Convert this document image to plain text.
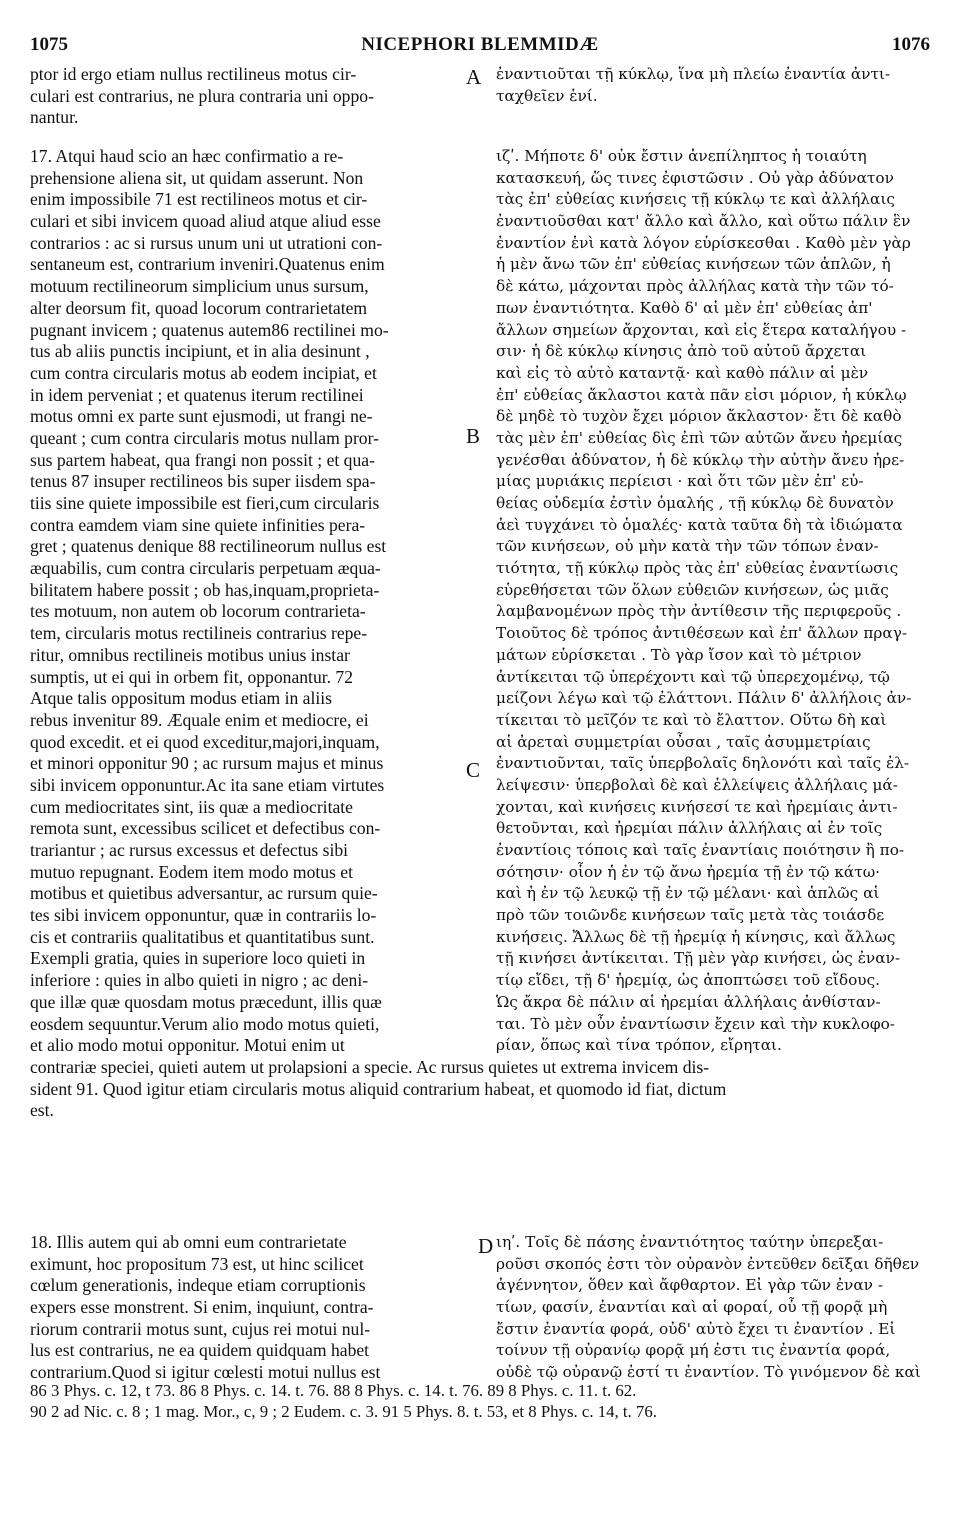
1075	NICEPHORI BLEMMIDÆ	1076
A
B
C
D
ptor id ergo etiam nullus rectilineus motus cir-
culari est contrarius, ne plura contraria uni oppo-
nantur.
ἐναντιοῦται τῇ κύκλῳ, ἵνα μὴ πλείω ἐναντία ἀντι-
ταχθεῖεν ἑνί.
17. Atqui haud scio an hæc confirmatio a re-
prehensione aliena sit, ut quidam asserunt. Non
enim impossibile 71 est rectilineos motus et cir-
culari et sibi invicem quoad aliud atque aliud esse
contrarios : ac si rursus unum uni ut utrationi con-
sentaneum est, contrarium inveniri.Quatenus enim
motuum rectilineorum simplicium unus sursum,
alter deorsum fit, quoad locorum contrarietatem
pugnant invicem ; quatenus autem86 rectilinei mo-
tus ab aliis punctis incipiunt, et in alia desinunt ,
cum contra circularis motus ab eodem incipiat, et
in idem perveniat ; et quatenus iterum rectilinei
motus omni ex parte sunt ejusmodi, ut frangi ne-
queant ; cum contra circularis motus nullam pror-
sus partem habeat, qua frangi non possit ; et qua-
tenus 87 insuper rectilineos bis super iisdem spa-
tiis sine quiete impossibile est fieri,cum circularis
contra eamdem viam sine quiete infinities pera-
gret ; quatenus denique 88 rectilineorum nullus est
æquabilis, cum contra circularis perpetuam æqua-
bilitatem habere possit ; ob has,inquam,proprieta-
tes motuum, non autem ob locorum contrarieta-
tem, circularis motus rectilineis contrarius repe-
ritur, omnibus rectilineis motibus unius instar
sumptis, ut ei qui in orbem fit, opponantur. 72
Atque talis oppositum modus etiam in aliis
rebus invenitur 89. Æquale enim et mediocre, ei
quod excedit. et ei quod exceditur,majori,inquam,
et minori opponitur 90 ; ac rursum majus et minus
sibi invicem opponuntur.Ac ita sane etiam virtutes
cum mediocritates sint, iis quæ a mediocritate
remota sunt, excessibus scilicet et defectibus con-
trariantur ; ac rursus excessus et defectus sibi
mutuo repugnant. Eodem item modo motus et
motibus et quietibus adversantur, ac rursum quie-
tes sibi invicem opponuntur, quæ in contrariis lo-
cis et contrariis qualitatibus et quantitatibus sunt.
Exempli gratia, quies in superiore loco quieti in
inferiore : quies in albo quieti in nigro ; ac deni-
que illæ quæ quosdam motus præcedunt, illis quæ
eosdem sequuntur.Verum alio modo motus quieti,
et alio modo motui opponitur. Motui enim ut
ιζʹ. Μήποτε δ' οὐκ ἔστιν ἀνεπίληπτος ἡ τοιαύτη
κατασκευή, ὥς τινες ἐφιστῶσιν . Οὐ γὰρ ἀδύνατον
τὰς ἐπ' εὐθείας κινήσεις τῇ κύκλῳ τε καὶ ἀλλήλαις
ἐναντιοῦσθαι κατ' ἄλλο καὶ ἄλλο, καὶ οὕτω πάλιν ἓν
ἐναντίον ἑνὶ κατὰ λόγον εὑρίσκεσθαι . Καθὸ μὲν γὰρ
ἡ μὲν ἄνω τῶν ἐπ' εὐθείας κινήσεων τῶν ἁπλῶν, ἡ
δὲ κάτω, μάχονται πρὸς ἀλλήλας κατὰ τὴν τῶν τό-
πων ἐναντιότητα. Καθὸ δ' αἱ μὲν ἐπ' εὐθείας ἀπ'
ἄλλων σημείων ἄρχονται, καὶ εἰς ἕτερα καταλήγου -
σιν· ἡ δὲ κύκλῳ κίνησις ἀπὸ τοῦ αὐτοῦ ἄρχεται
καὶ εἰς τὸ αὐτὸ καταντᾷ· καὶ καθὸ πάλιν αἱ μὲν
ἐπ' εὐθείας ἄκλαστοι κατὰ πᾶν εἰσι μόριον, ἡ κύκλῳ
δὲ μηδὲ τὸ τυχὸν ἔχει μόριον ἄκλαστον· ἔτι δὲ καθὸ
τὰς μὲν ἐπ' εὐθείας δὶς ἐπὶ τῶν αὐτῶν ἄνευ ἠρεμίας
γενέσθαι ἀδύνατον, ἡ δὲ κύκλῳ τὴν αὐτὴν ἄνευ ἠρε-
μίας μυριάκις περίεισι · καὶ ὅτι τῶν μὲν ἐπ' εὐ-
θείας οὐδεμία ἐστὶν ὁμαλής , τῇ κύκλῳ δὲ δυνατὸν
ἀεὶ τυγχάνει τὸ ὁμαλές· κατὰ ταῦτα δὴ τὰ ἰδιώματα
τῶν κινήσεων, οὐ μὴν κατὰ τὴν τῶν τόπων ἐναν-
τιότητα, τῇ κύκλῳ πρὸς τὰς ἐπ' εὐθείας ἐναντίωσις
εὑρεθήσεται τῶν ὅλων εὐθειῶν κινήσεων, ὡς μιᾶς
λαμβανομένων πρὸς τὴν ἀντίθεσιν τῆς περιφεροῦς .
Τοιοῦτος δὲ τρόπος ἀντιθέσεων καὶ ἐπ' ἄλλων πραγ-
μάτων εὑρίσκεται . Τὸ γὰρ ἴσον καὶ τὸ μέτριον
ἀντίκειται τῷ ὑπερέχοντι καὶ τῷ ὑπερεχομένῳ, τῷ
μείζονι λέγω καὶ τῷ ἐλάττονι. Πάλιν δ' ἀλλήλοις ἀν-
τίκειται τὸ μεῖζόν τε καὶ τὸ ἔλαττον. Οὕτω δὴ καὶ
αἱ ἀρεταὶ συμμετρίαι οὖσαι , ταῖς ἀσυμμετρίαις
ἐναντιοῦνται, ταῖς ὑπερβολαῖς δηλονότι καὶ ταῖς ἐλ-
λείψεσιν· ὑπερβολαὶ δὲ καὶ ἐλλείψεις ἀλλήλαις μά-
χονται, καὶ κινήσεις κινήσεσί τε καὶ ἠρεμίαις ἀντι-
θετοῦνται, καὶ ἠρεμίαι πάλιν ἀλλήλαις αἱ ἐν τοῖς
ἐναντίοις τόποις καὶ ταῖς ἐναντίαις ποιότησιν ἢ πο-
σότησιν· οἷον ἡ ἐν τῷ ἄνω ἠρεμία τῇ ἐν τῷ κάτω·
καὶ ἡ ἐν τῷ λευκῷ τῇ ἐν τῷ μέλανι· καὶ ἁπλῶς αἱ
πρὸ τῶν τοιῶνδε κινήσεων ταῖς μετὰ τὰς τοιάσδε
κινήσεις. Ἄλλως δὲ τῇ ἠρεμίᾳ ἡ κίνησις, καὶ ἄλλως
τῇ κινήσει ἀντίκειται. Τῇ μὲν γὰρ κινήσει, ὡς ἐναν-
τίῳ εἴδει, τῇ δ' ἠρεμίᾳ, ὡς ἀποπτώσει τοῦ εἴδους.
Ὡς ἄκρα δὲ πάλιν αἱ ἠρεμίαι ἀλλήλαις ἀνθίσταν-
ται. Τὸ μὲν οὖν ἐναντίωσιν ἔχειν καὶ τὴν κυκλοφο-
ρίαν, ὅπως καὶ τίνα τρόπον, εἴρηται.
contrariæ speciei, quieti autem ut prolapsioni a specie. Ac rursus quietes ut extrema invicem dis-
sident 91. Quod igitur etiam circularis motus aliquid contrarium habeat, et quomodo id fiat, dictum
est.
18. Illis autem qui ab omni eum contrarietate
eximunt, hoc propositum 73 est, ut hinc scilicet
cœlum generationis, indeque etiam corruptionis
expers esse monstrent. Si enim, inquiunt, contra-
riorum contrarii motus sunt, cujus rei motui nul-
lus est contrarius, ne ea quidem quidquam habet
contrarium.Quod si igitur cœlesti motui nullus est
ιηʹ. Τοῖς δὲ πάσης ἐναντιότητος ταύτην ὑπερεξαι-
ροῦσι σκοπός ἐστι τὸν οὐρανὸν ἐντεῦθεν δεῖξαι δῆθεν
ἀγέννητον, ὅθεν καὶ ἄφθαρτον. Εἰ γὰρ τῶν ἐναν -
τίων, φασίν, ἐναντίαι καὶ αἱ φοραί, οὗ τῇ φορᾷ μὴ
ἔστιν ἐναντία φορά, οὐδ' αὐτὸ ἔχει τι ἐναντίον . Εἰ
τοίνυν τῇ οὐρανίῳ φορᾷ μή ἐστι τις ἐναντία φορά,
οὐδὲ τῷ οὐρανῷ ἐστί τι ἐναντίον. Τὸ γινόμενον δὲ καὶ
86 3 Phys. c. 12, t 73. 86 8 Phys. c. 14. t. 76. 88 8 Phys. c. 14. t. 76. 89 8 Phys. c. 11. t. 62.
90 2 ad Nic. c. 8 ; 1 mag. Mor., c, 9 ; 2 Eudem. c. 3. 91 5 Phys. 8. t. 53, et 8 Phys. c. 14, t. 76.
